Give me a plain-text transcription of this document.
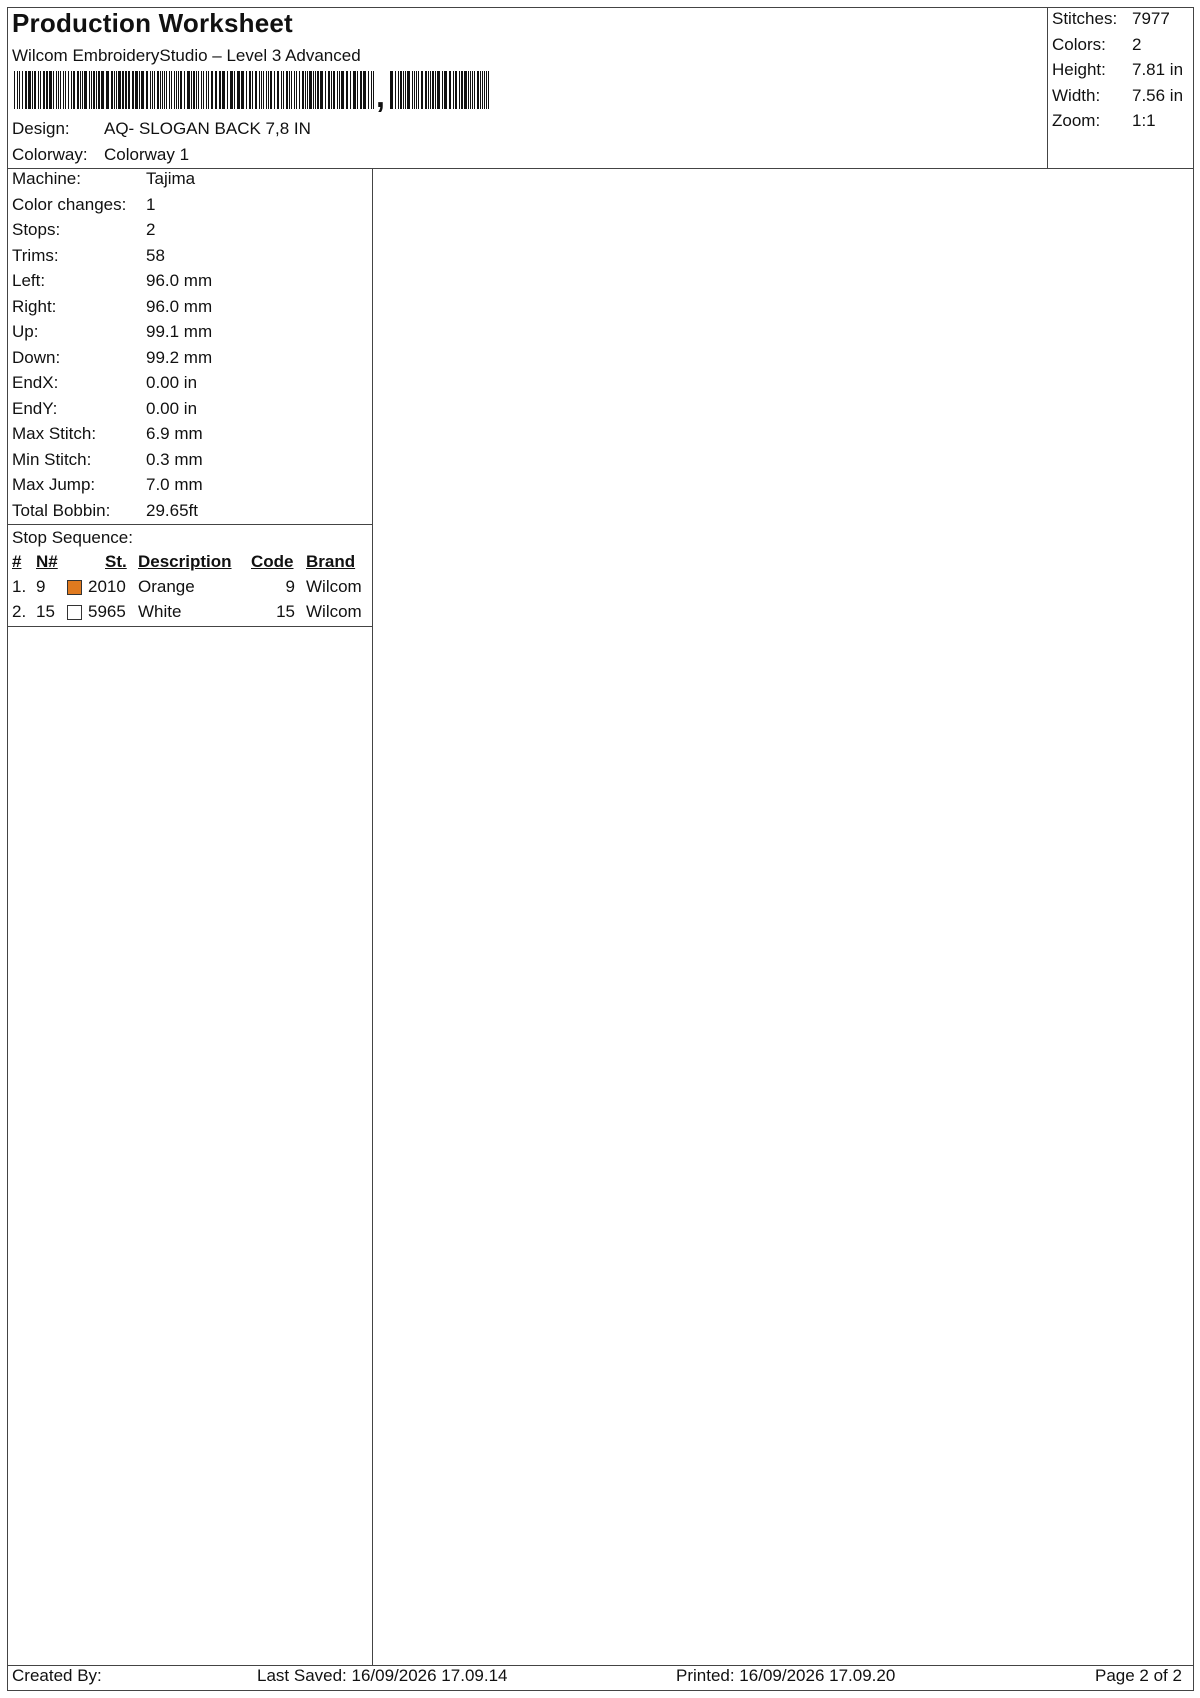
Production Worksheet
Wilcom EmbroideryStudio – Level 3 Advanced
,
Design: AQ- SLOGAN BACK 7,8 IN
Colorway: Colorway 1
Stitches: 7977
Colors: 2
Height: 7.81 in
Width: 7.56 in
Zoom: 1:1
Machine:	Tajima
Color changes: 1
Stops:	2
Trims:	58
Left:	96.0 mm
Right:	96.0 mm
Up:	99.1 mm
Down:	99.2 mm
EndX:	0.00 in
EndY:	0.00 in
Max Stitch:	6.9 mm
Min Stitch:	0.3 mm
Max Jump:	7.0 mm
Total Bobbin: 29.65ft
Stop Sequence:
# N#	St. Description Code Brand
1. 9	2010 Orange	9 Wilcom
2. 15 5965 White	15 Wilcom
Created By:	Last Saved: 16/09/2026 17.09.14	Printed: 16/09/2026 17.09.20	Page 2 of 2
